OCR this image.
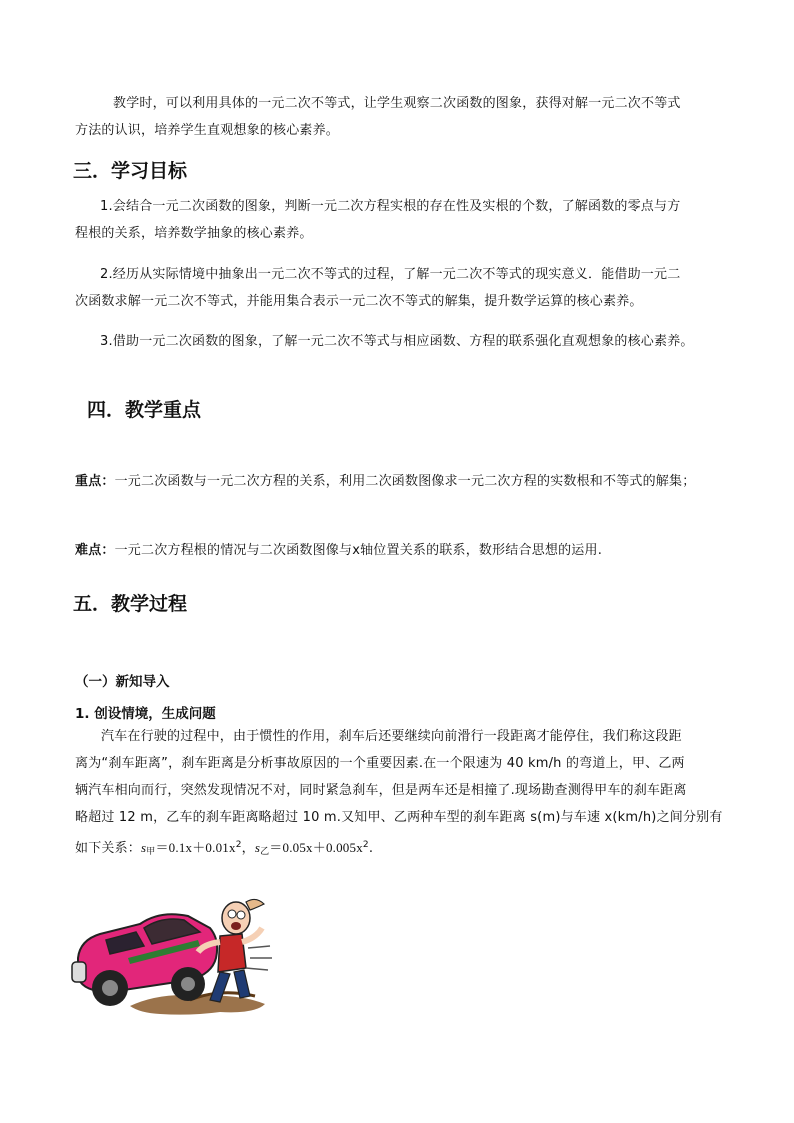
教学时，可以利用具体的一元二次不等式，让学生观察二次函数的图象，获得对解一元二次不等式
方法的认识，培养学生直观想象的核心素养。
三．学习目标
1.会结合一元二次函数的图象，判断一元二次方程实根的存在性及实根的个数，了解函数的零点与方
程根的关系，培养数学抽象的核心素养。
2.经历从实际情境中抽象出一元二次不等式的过程，了解一元二次不等式的现实意义．能借助一元二
次函数求解一元二次不等式，并能用集合表示一元二次不等式的解集，提升数学运算的核心素养。
3.借助一元二次函数的图象，了解一元二次不等式与相应函数、方程的联系强化直观想象的核心素养。
四．教学重点
重点：一元二次函数与一元二次方程的关系，利用二次函数图像求一元二次方程的实数根和不等式的解集；
难点：一元二次方程根的情况与二次函数图像与x轴位置关系的联系，数形结合思想的运用.
五．教学过程
（一）新知导入
1. 创设情境，生成问题
汽车在行驶的过程中，由于惯性的作用，刹车后还要继续向前滑行一段距离才能停住，我们称这段距
离为“刹车距离”，刹车距离是分析事故原因的一个重要因素.在一个限速为 40 km/h 的弯道上，甲、乙两
辆汽车相向而行，突然发现情况不对，同时紧急刹车，但是两车还是相撞了.现场勘查测得甲车的刹车距离
略超过 12 m，乙车的刹车距离略超过 10 m.又知甲、乙两种车型的刹车距离 s(m)与车速 x(km/h)之间分别有
如下关系：$s_甲=0.1x+0.01x^2$，$s_乙=0.05x+0.005x^2$.
